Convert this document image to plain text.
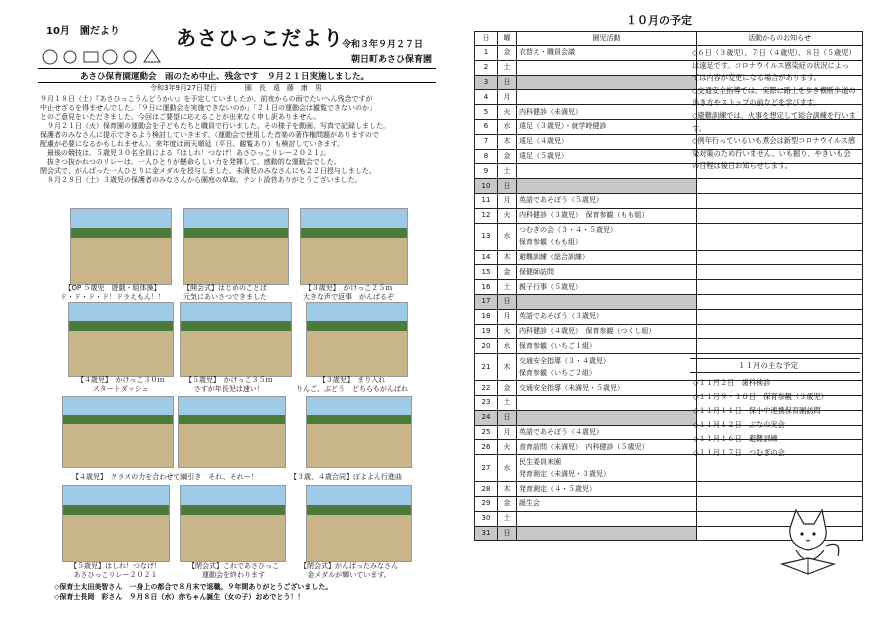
10月　園だより	あさひっこだより
令和３年９月２７日
朝日町あさひ保育園
あさひ保育園運動会　雨のため中止、残念です　９月２１日実施しました。
令和3年9月27日発行　　　　園　長　遠　藤　康　男
９月１８日（土）『あさひっこうんどうかい』を予定していましたが、前夜からの雨でたいへん残念ですが
中止せざるを得ませんでした。「９日に運動会を実施できないのか」「２１日の運動会は観覧できないのか」
とのご意見をいただきました。今回はご要望に応えることが出来なく申し訳ありません。
　９月２１日（火）保育園の運動会を子どもたちと職員で行いました。その様子を動画、写真で記録しました。
保護者のみなさんに提示できるよう検討していきます。（運動会で使用した音楽の著作権問題がありますので
配慮が必要になるかもしれません）。来年度は雨天順延（平日、観覧あり）も検討していきます。
　最後の競技は、５歳児３０名全員による『はしれ！つなげ！あさひっこリレー２０２１』。
　抜きつ抜かれつのリレーは、一人ひとりが懸命らしい力を発揮して、感動的な運動会でした。
閉会式で、がんばった一人ひとりに金メダルを授与しました。未満児のみなさんにも２２日授与しました。
　８月２８日（土）３歳児の保護者のみなさんから園庭の草取、テント設営ありがとうございました。
【OP ５歳児　遊戯・組体操】
ド・ド・ド・ド！ドラえもん！！
【開会式】はじめのことば
元気にあいさつできました
【３歳児】　かけっこ２５ｍ
大きな声で返事　がんばるぞ
【４歳児】　かけっこ３０ｍ
スタートダッシュ
【５歳児】　かけっこ３５ｍ
さすが年長児は速い！
【３歳児】　まり入れ
りんご、ぶどう　どちらもがんばれ
【４歳児】　クラスの力を合わせて綱引き　それ、それー！	【３歳、４歳合同】ぽよよん行進曲
【５歳児】はしれ！つなげ！
あさひっこリレー２０２１
【閉会式】これであさひっこ
運動会を終わります
【閉会式】がんばったみなさん
金メダルが輝いています。
◇保育士太田美智さん　一身上の都合で８月末で退職。９年間ありがとうございました。
◇保育士長岡　彩さん　９月８日（水）赤ちゃん誕生（女の子）おめでとう！！
１０月の予定
日	曜	園児活動	活動からのお知らせ
1	金	衣替え・職員会議	

2	土	

3	日	

4	月	

5	火	内科健診（未満児）	

6	水	遠足（３歳児）・就学時健診	

7	木	遠足（４歳児）	

8	金	遠足（５歳児）	

9	土	

10	日	

11	月	英語であそぼう（５歳児）	

12	火	内科健診（３歳児）　保育参観（もも組）	

13	水	つむぎの会（３・４・５歳児）
保育参観（もも組）	

14	木	避難訓練（総合訓練）	

15	金	保健師訪問	

16	土	親子行事（５歳児）	

17	日	

18	月	英語であそぼう（３歳児）	

19	火	内科健診（４歳児）　保育参観（つくし組）	

20	水	保育参観（いちご１組）	

21	木	交通安全指導（３・４歳児）
保育参観（いちご２組）	

22	金	交通安全指導（未満児・５歳児）	

23	土	

24	日	

25	月	英語であそぼう（４歳児）	

26	火	食育訪問（未満児）　内科健診（５歳児）	

27	水	民生委員来園
発育測定（未満児・３歳児）	

28	木	発育測定（４・５歳児）	

29	金	誕生会	

30	土	

31	日	

◇６日（３歳児）、７日（４歳児）、８日（５歳児）は遠足です。コロナウイルス感染症の状況によっては内容が変更になる場合があります。
◇交通安全指導では、実際に路上を歩き横断歩道の歩き方やストップの前などを学びます。
◇避難訓練では、火事を想定して総合訓練を行います。
◇例年行っているいも煮会は新型コロナウイルス感染対策のため行いません。いも掘り、やきいも会の日程は後日お知らせします。
１１月の主な予定
◇１１月２日　歯科検診
◇１１月９・１０日　保育参観（３歳児）
◇１１月１１日　保小中連携保育園訪問
◇１１月１２日　ぶなの実会
◇１１月１６日　避難訓練
◇１１月１７日　つむぎの会
